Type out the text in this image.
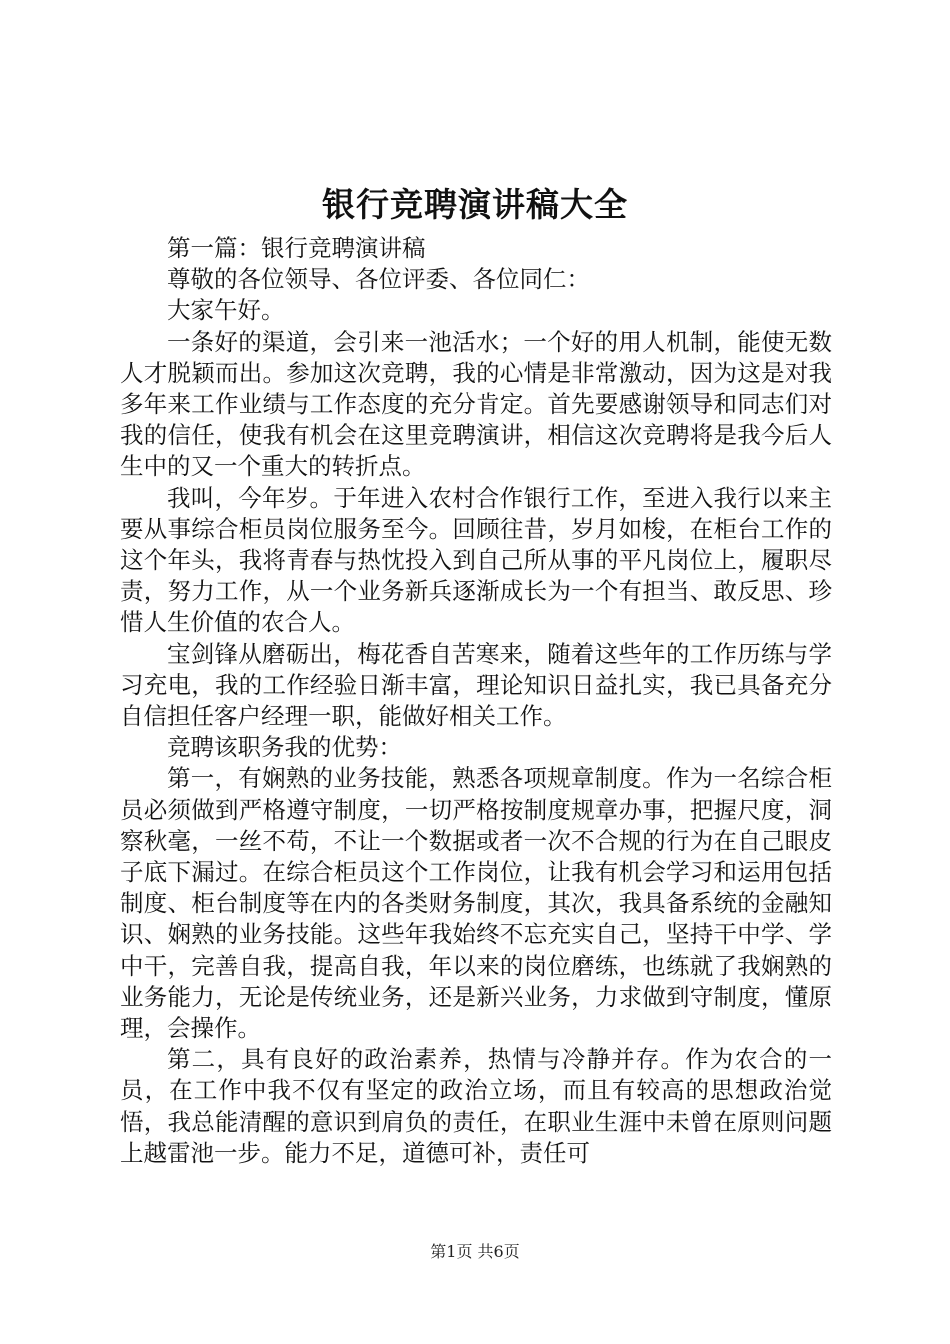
银行竞聘演讲稿大全

第一篇：银行竞聘演讲稿

尊敬的各位领导、各位评委、各位同仁：

大家午好。

一条好的渠道，会引来一池活水；一个好的用人机制，能使无数人才脱颖而出。参加这次竞聘，我的心情是非常激动，因为这是对我多年来工作业绩与工作态度的充分肯定。首先要感谢领导和同志们对我的信任，使我有机会在这里竞聘演讲，相信这次竞聘将是我今后人生中的又一个重大的转折点。

我叫，今年岁。于年进入农村合作银行工作，至进入我行以来主要从事综合柜员岗位服务至今。回顾往昔，岁月如梭，在柜台工作的这个年头，我将青春与热忱投入到自己所从事的平凡岗位上，履职尽责，努力工作，从一个业务新兵逐渐成长为一个有担当、敢反思、珍惜人生价值的农合人。

宝剑锋从磨砺出，梅花香自苦寒来，随着这些年的工作历练与学习充电，我的工作经验日渐丰富，理论知识日益扎实，我已具备充分自信担任客户经理一职，能做好相关工作。

竞聘该职务我的优势：

第一，有娴熟的业务技能，熟悉各项规章制度。作为一名综合柜员必须做到严格遵守制度，一切严格按制度规章办事，把握尺度，洞察秋毫，一丝不苟，不让一个数据或者一次不合规的行为在自己眼皮子底下漏过。在综合柜员这个工作岗位，让我有机会学习和运用包括制度、柜台制度等在内的各类财务制度，其次，我具备系统的金融知识、娴熟的业务技能。这些年我始终不忘充实自己，坚持干中学、学中干，完善自我，提高自我，年以来的岗位磨练，也练就了我娴熟的业务能力，无论是传统业务，还是新兴业务，力求做到守制度，懂原理，会操作。

第二，具有良好的政治素养，热情与冷静并存。作为农合的一员，在工作中我不仅有坚定的政治立场，而且有较高的思想政治觉悟，我总能清醒的意识到肩负的责任，在职业生涯中未曾在原则问题上越雷池一步。能力不足，道德可补，责任可

第1页 共6页
